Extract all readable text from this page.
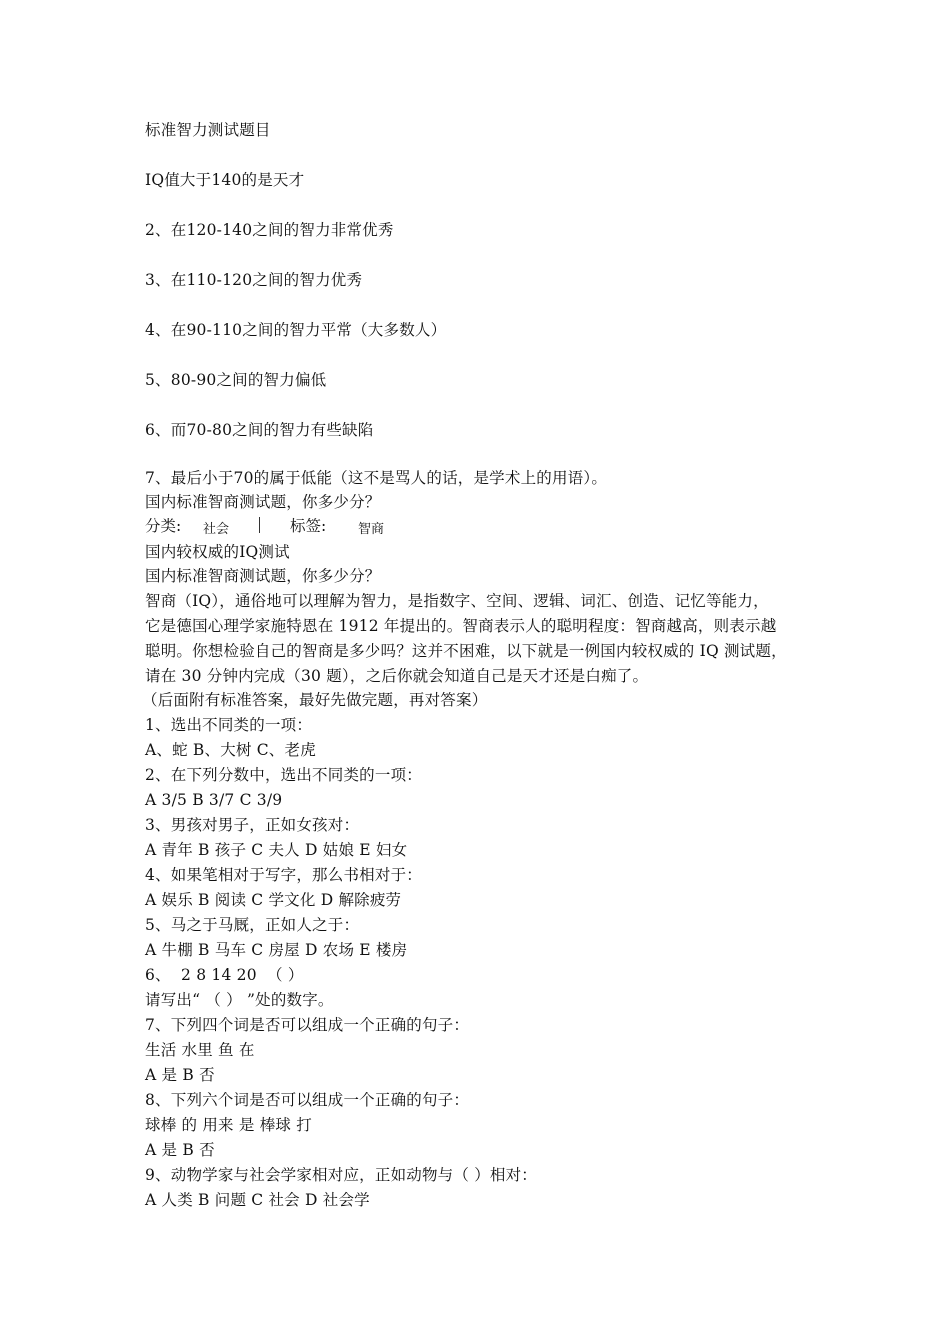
标准智力测试题目
IQ值大于140的是天才
2、在120-140之间的智力非常优秀
3、在110-120之间的智力优秀
4、在90-110之间的智力平常（大多数人）
5、80-90之间的智力偏低
6、而70-80之间的智力有些缺陷
7、最后小于70的属于低能（这不是骂人的话，是学术上的用语）。
国内标准智商测试题，你多少分？
分类: 社会	标签: 智商
国内较权威的IQ测试
国内标准智商测试题，你多少分？
智商（IQ），通俗地可以理解为智力，是指数字、空间、逻辑、词汇、创造、记忆等能力，
它是德国心理学家施特恩在 1912 年提出的。智商表示人的聪明程度：智商越高，则表示越
聪明。你想检验自己的智商是多少吗？这并不困难，以下就是一例国内较权威的 IQ 测试题，
请在 30 分钟内完成（30 题），之后你就会知道自己是天才还是白痴了。
（后面附有标准答案，最好先做完题，再对答案）
1、选出不同类的一项：
A、蛇 B、大树 C、老虎
2、在下列分数中，选出不同类的一项：
A 3/5 B 3/7 C 3/9
3、男孩对男子，正如女孩对：
A 青年 B 孩子 C 夫人 D 姑娘 E 妇女
4、如果笔相对于写字，那么书相对于：
A 娱乐 B 阅读 C 学文化 D 解除疲劳
5、马之于马厩，正如人之于：
A 牛棚 B 马车 C 房屋 D 农场 E 楼房
6、  2 8 14 20  （ ）
请写出“ （ ） ”处的数字。
7、下列四个词是否可以组成一个正确的句子：
生活 水里 鱼 在
A 是 B 否
8、下列六个词是否可以组成一个正确的句子：
球棒 的 用来 是 棒球 打
A 是 B 否
9、动物学家与社会学家相对应，正如动物与（ ）相对：
A 人类 B 问题 C 社会 D 社会学
